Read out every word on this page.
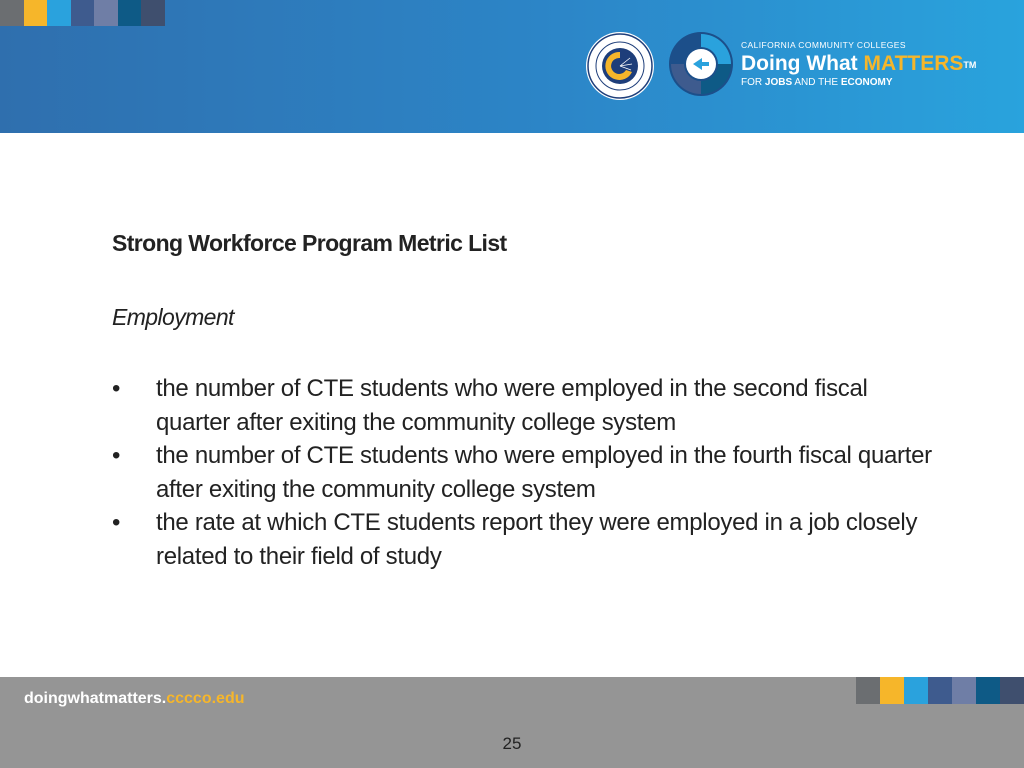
CALIFORNIA COMMUNITY COLLEGES
Doing What MATTERS™
FOR JOBS AND THE ECONOMY
Strong Workforce Program Metric List

Employment

• the number of CTE students who were employed in the second fiscal quarter after exiting the community college system
• the number of CTE students who were employed in the fourth fiscal quarter after exiting the community college system
• the rate at which CTE students report they were employed in a job closely related to their field of study
doingwhatmatters.cccco.edu
25
